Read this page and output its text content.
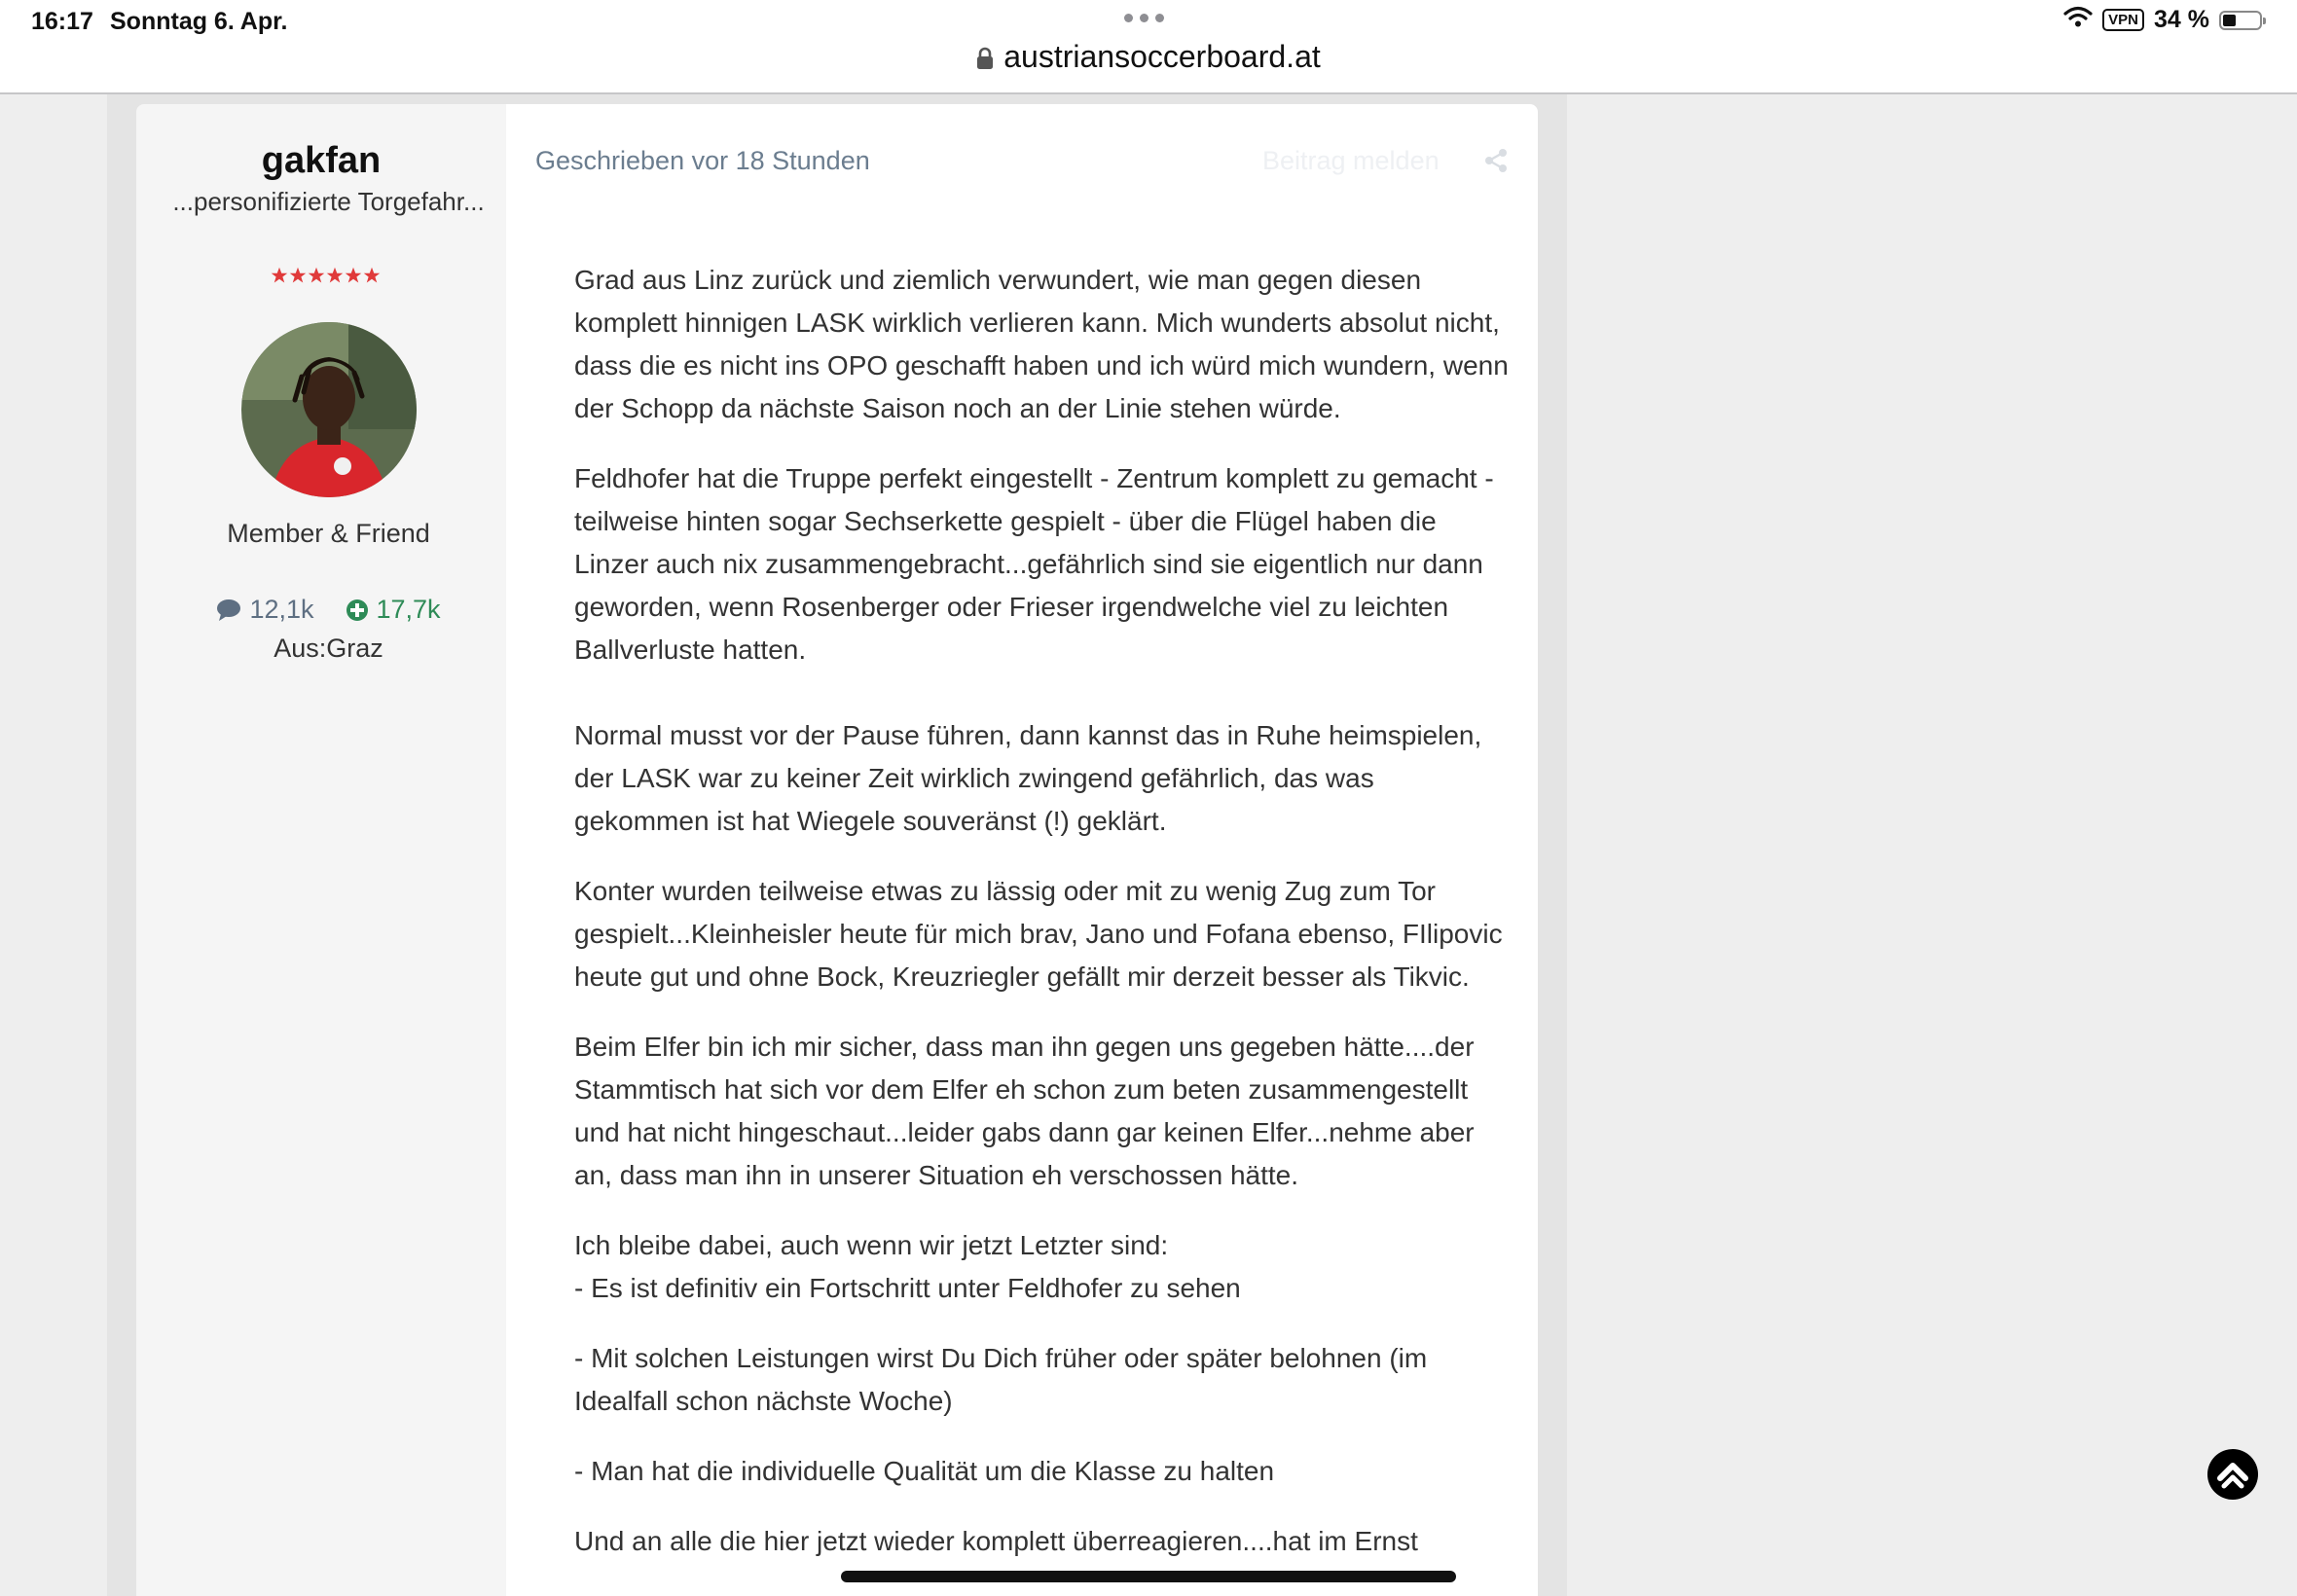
16:17 Sonntag 6. Apr.
austriansoccerboard.at
VPN 34 %
gakfan
...personifizierte Torgefahr...
Member & Friend
12,1k 17,7k
Aus:Graz
Geschrieben vor 18 Stunden	Beitrag melden

Grad aus Linz zurück und ziemlich verwundert, wie man gegen diesen komplett hinnigen LASK wirklich verlieren kann. Mich wunderts absolut nicht, dass die es nicht ins OPO geschafft haben und ich würd mich wundern, wenn der Schopp da nächste Saison noch an der Linie stehen würde.

Feldhofer hat die Truppe perfekt eingestellt - Zentrum komplett zu gemacht - teilweise hinten sogar Sechserkette gespielt - über die Flügel haben die Linzer auch nix zusammengebracht...gefährlich sind sie eigentlich nur dann geworden, wenn Rosenberger oder Frieser irgendwelche viel zu leichten Ballverluste hatten.

Normal musst vor der Pause führen, dann kannst das in Ruhe heimspielen, der LASK war zu keiner Zeit wirklich zwingend gefährlich, das was gekommen ist hat Wiegele souveränst (!) geklärt.

Konter wurden teilweise etwas zu lässig oder mit zu wenig Zug zum Tor gespielt...Kleinheisler heute für mich brav, Jano und Fofana ebenso, FIlipovic heute gut und ohne Bock, Kreuzriegler gefällt mir derzeit besser als Tikvic.

Beim Elfer bin ich mir sicher, dass man ihn gegen uns gegeben hätte....der Stammtisch hat sich vor dem Elfer eh schon zum beten zusammengestellt und hat nicht hingeschaut...leider gabs dann gar keinen Elfer...nehme aber an, dass man ihn in unserer Situation eh verschossen hätte.

Ich bleibe dabei, auch wenn wir jetzt Letzter sind:

- Es ist definitiv ein Fortschritt unter Feldhofer zu sehen

- Mit solchen Leistungen wirst Du Dich früher oder später belohnen (im Idealfall schon nächste Woche)

- Man hat die individuelle Qualität um die Klasse zu halten

Und an alle die hier jetzt wieder komplett überreagieren....hat im Ernst
